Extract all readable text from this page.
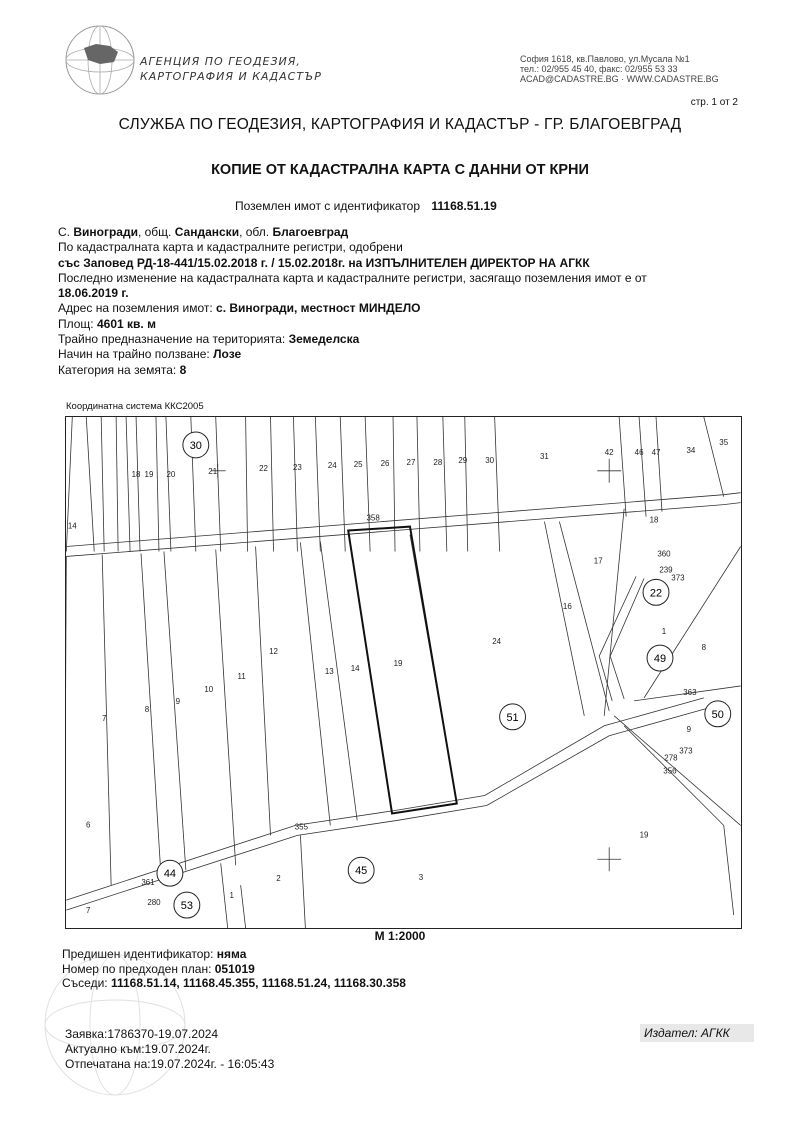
АГЕНЦИЯ ПО ГЕОДЕЗИЯ,
КАРТОГРАФИЯ И КАДАСТЪР
София 1618, кв.Павлово, ул.Мусала №1
тел.: 02/955 45 40, факс: 02/955 53 33
ACAD@CADASTRE.BG · WWW.CADASTRE.BG
стр. 1 от 2
СЛУЖБА ПО ГЕОДЕЗИЯ, КАРТОГРАФИЯ И КАДАСТЪР - ГР. БЛАГОЕВГРАД
КОПИЕ ОТ КАДАСТРАЛНА КАРТА С ДАННИ ОТ КРНИ
Поземлен имот с идентификатор 11168.51.19
С. Виногради, общ. Сандански, обл. Благоевград
По кадастралната карта и кадастралните регистри, одобрени
със Заповед РД-18-441/15.02.2018 г. / 15.02.2018г. на ИЗПЪЛНИТЕЛЕН ДИРЕКТОР НА АГКК
Последно изменение на кадастралната карта и кадастралните регистри, засягащо поземления имот е от
18.06.2019 г.
Адрес на поземления имот: с. Виногради, местност МИНДЕЛО
Площ: 4601 кв. м
Трайно предназначение на територията: Земеделска
Начин на трайно ползване: Лозе
Категория на земята: 8
Координатна система ККС2005
18 19 20	21	22	23	24 25 26 27 28 29 30	31	42	46 47	34
35
14
358	18
17
360
239
373
16
24
1
8
12
11
13 14
19
7
8
9
10	363
9
278
373
356
6	355
361
280
1
2	3
7
19
30
22
49
50
51
44	45
53
М 1:2000
Предишен идентификатор: няма
Номер по предходен план: 051019
Съседи: 11168.51.14, 11168.45.355, 11168.51.24, 11168.30.358
Заявка:1786370-19.07.2024
Актуално към:19.07.2024г.
Отпечатана на:19.07.2024г. - 16:05:43
Издател: АГКК
